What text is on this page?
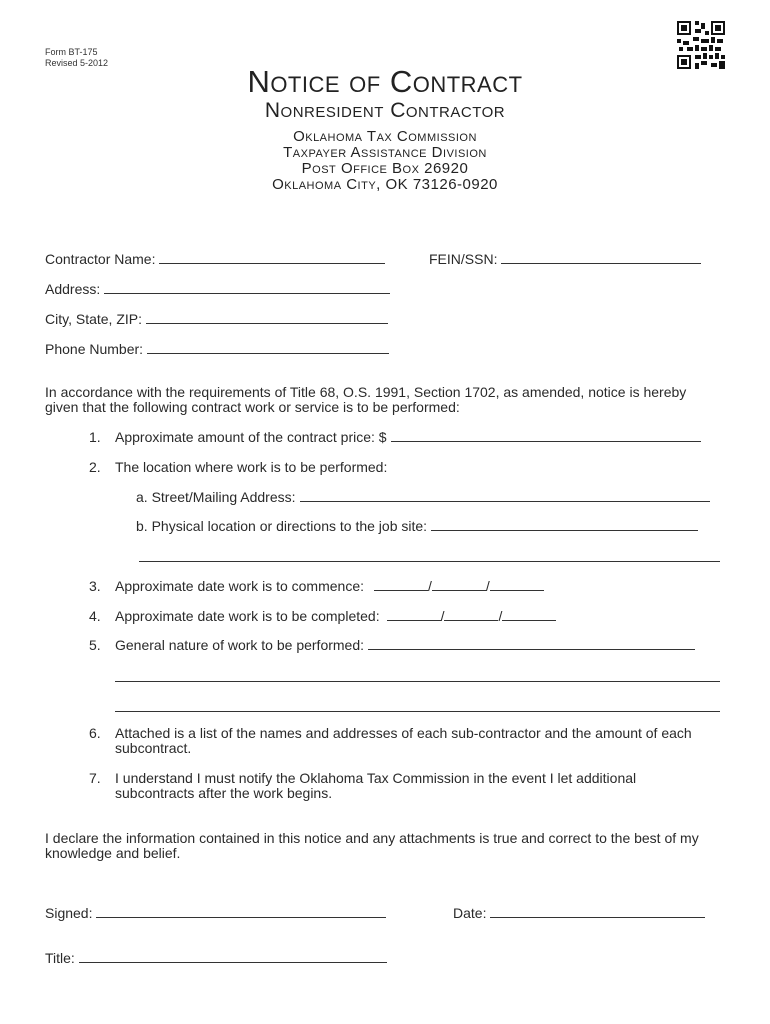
Form BT-175
Revised 5-2012
Notice of Contract
Nonresident Contractor
Oklahoma Tax Commission
Taxpayer Assistance Division
Post Office Box 26920
Oklahoma City, OK 73126-0920
Contractor Name:	FEIN/SSN:
Address:
City, State, ZIP:
Phone Number:
In accordance with the requirements of Title 68, O.S. 1991, Section 1702, as amended, notice is hereby given that the following contract work or service is to be performed:
1.	Approximate amount of the contract price: $
2.	The location where work is to be performed:
a. Street/Mailing Address:
b. Physical location or directions to the job site:
3.	Approximate date work is to commence:	/	/
4.	Approximate date work is to be completed:	/	/
5.	General nature of work to be performed:
6.	Attached is a list of the names and addresses of each sub-contractor and the amount of each subcontract.
7.	I understand I must notify the Oklahoma Tax Commission in the event I let additional subcontracts after the work begins.
I declare the information contained in this notice and any attachments is true and correct to the best of my knowledge and belief.
Signed:	Date:
Title:
